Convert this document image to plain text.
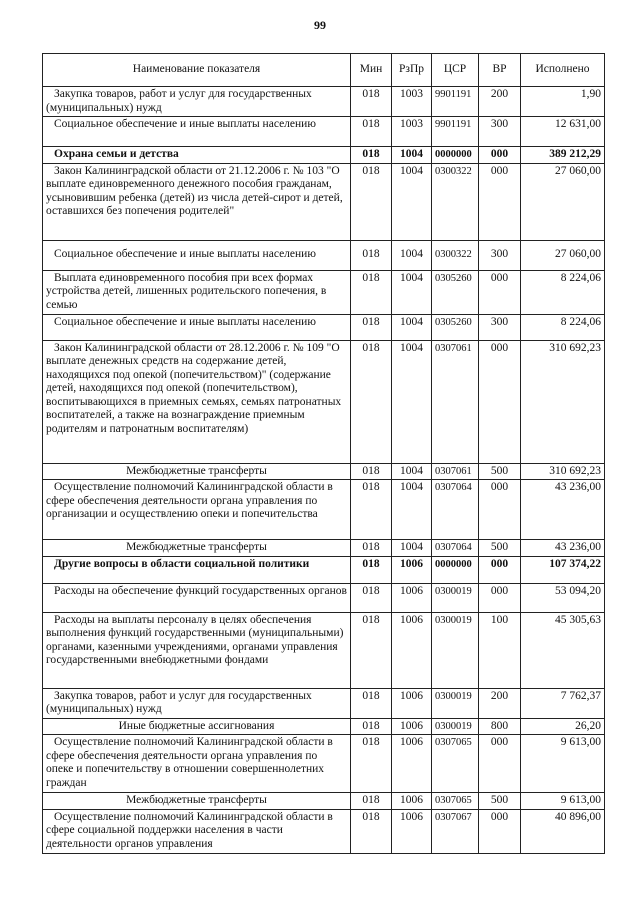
99
Наименование показателя	Мин	РзПр	ЦСР	ВР	Исполнено
Закупка товаров, работ и услуг для государственных (муниципальных) нужд	018	1003	9901191	200	1,90
Социальное обеспечение и иные выплаты населению	018	1003	9901191	300	12 631,00
Охрана семьи и детства	018	1004	0000000	000	389 212,29
Закон Калининградской области от 21.12.2006 г. № 103 "О выплате единовременного денежного пособия гражданам, усыновившим ребенка (детей) из числа детей-сирот и детей, оставшихся без попечения родителей"	018	1004	0300322	000	27 060,00
Социальное обеспечение и иные выплаты населению	018	1004	0300322	300	27 060,00
Выплата единовременного пособия при всех формах устройства детей, лишенных родительского попечения, в семью	018	1004	0305260	000	8 224,06
Социальное обеспечение и иные выплаты населению	018	1004	0305260	300	8 224,06
Закон Калининградской области от 28.12.2006 г. № 109 "О выплате денежных средств на содержание детей, находящихся под опекой (попечительством)" (содержание детей, находящихся под опекой (попечительством), воспитывающихся в приемных семьях, семьях патронатных воспитателей, а также на вознаграждение приемным родителям и патронатным воспитателям)	018	1004	0307061	000	310 692,23
Межбюджетные трансферты	018	1004	0307061	500	310 692,23
Осуществление полномочий Калининградской области в сфере обеспечения деятельности органа управления по организации и осуществлению опеки и попечительства	018	1004	0307064	000	43 236,00
Межбюджетные трансферты	018	1004	0307064	500	43 236,00
Другие вопросы в области социальной политики	018	1006	0000000	000	107 374,22
Расходы на обеспечение функций государственных органов	018	1006	0300019	000	53 094,20
Расходы на выплаты персоналу в целях обеспечения выполнения функций государственными (муниципальными) органами, казенными учреждениями, органами управления государственными внебюджетными фондами	018	1006	0300019	100	45 305,63
Закупка товаров, работ и услуг для государственных (муниципальных) нужд	018	1006	0300019	200	7 762,37
Иные бюджетные ассигнования	018	1006	0300019	800	26,20
Осуществление полномочий Калининградской области в сфере обеспечения деятельности органа управления по опеке и попечительству в отношении совершеннолетних граждан	018	1006	0307065	000	9 613,00
Межбюджетные трансферты	018	1006	0307065	500	9 613,00
Осуществление полномочий Калининградской области в сфере социальной поддержки населения в части деятельности органов управления	018	1006	0307067	000	40 896,00
